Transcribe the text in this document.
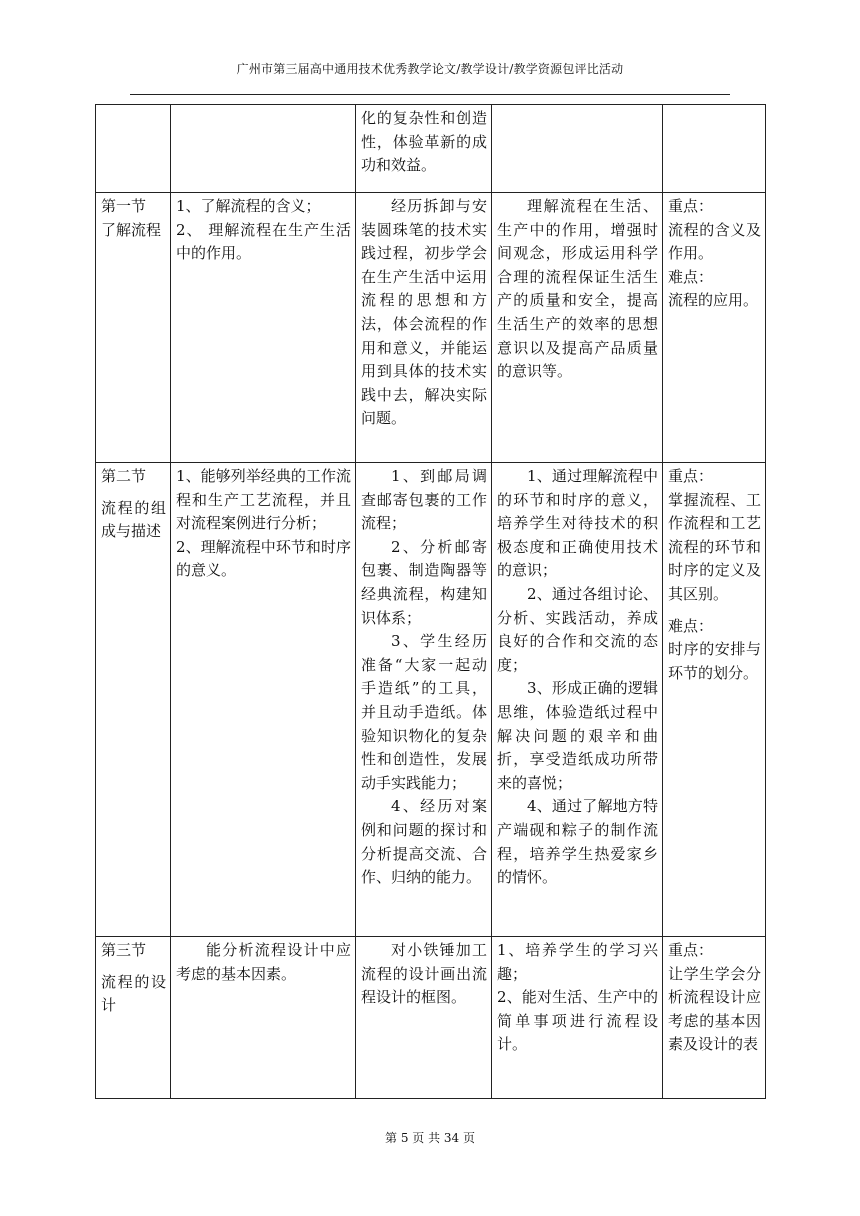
广州市第三届高中通用技术优秀教学论文/教学设计/教学资源包评比活动

		化的复杂性和创造性，体验革新的成功和效益。		

第一节
了解流程	1、了解流程的含义；
2、 理解流程在生产生活中的作用。	经历拆卸与安装圆珠笔的技术实践过程，初步学会在生产生活中运用流程的思想和方法，体会流程的作用和意义，并能运用到具体的技术实践中去，解决实际问题。	理解流程在生活、生产中的作用，增强时间观念，形成运用科学合理的流程保证生活生产的质量和安全，提高生活生产的效率的思想意识以及提高产品质量的意识等。	重点：
流程的含义及作用。
难点：
流程的应用。

第二节
流程的组成与描述	1、能够列举经典的工作流程和生产工艺流程，并且对流程案例进行分析；
2、理解流程中环节和时序的意义。	1、到邮局调查邮寄包裹的工作流程；
2、分析邮寄包裹、制造陶器等经典流程，构建知识体系；
3、学生经历准备“大家一起动手造纸”的工具，并且动手造纸。体验知识物化的复杂性和创造性，发展动手实践能力；
4、经历对案例和问题的探讨和分析提高交流、合作、归纳的能力。	1、通过理解流程中的环节和时序的意义，培养学生对待技术的积极态度和正确使用技术的意识；
2、通过各组讨论、分析、实践活动，养成良好的合作和交流的态度；
3、形成正确的逻辑思维，体验造纸过程中解决问题的艰辛和曲折，享受造纸成功所带来的喜悦；
4、通过了解地方特产端砚和粽子的制作流程，培养学生热爱家乡的情怀。	重点：
掌握流程、工作流程和工艺流程的环节和时序的定义及其区别。
难点：
时序的安排与环节的划分。

第三节
流程的设计	能分析流程设计中应考虑的基本因素。	对小铁锤加工流程的设计画出流程设计的框图。	1、培养学生的学习兴趣；
2、能对生活、生产中的简单事项进行流程设计。	重点：
让学生学会分析流程设计应考虑的基本因素及设计的表
第 5 页 共 34 页
